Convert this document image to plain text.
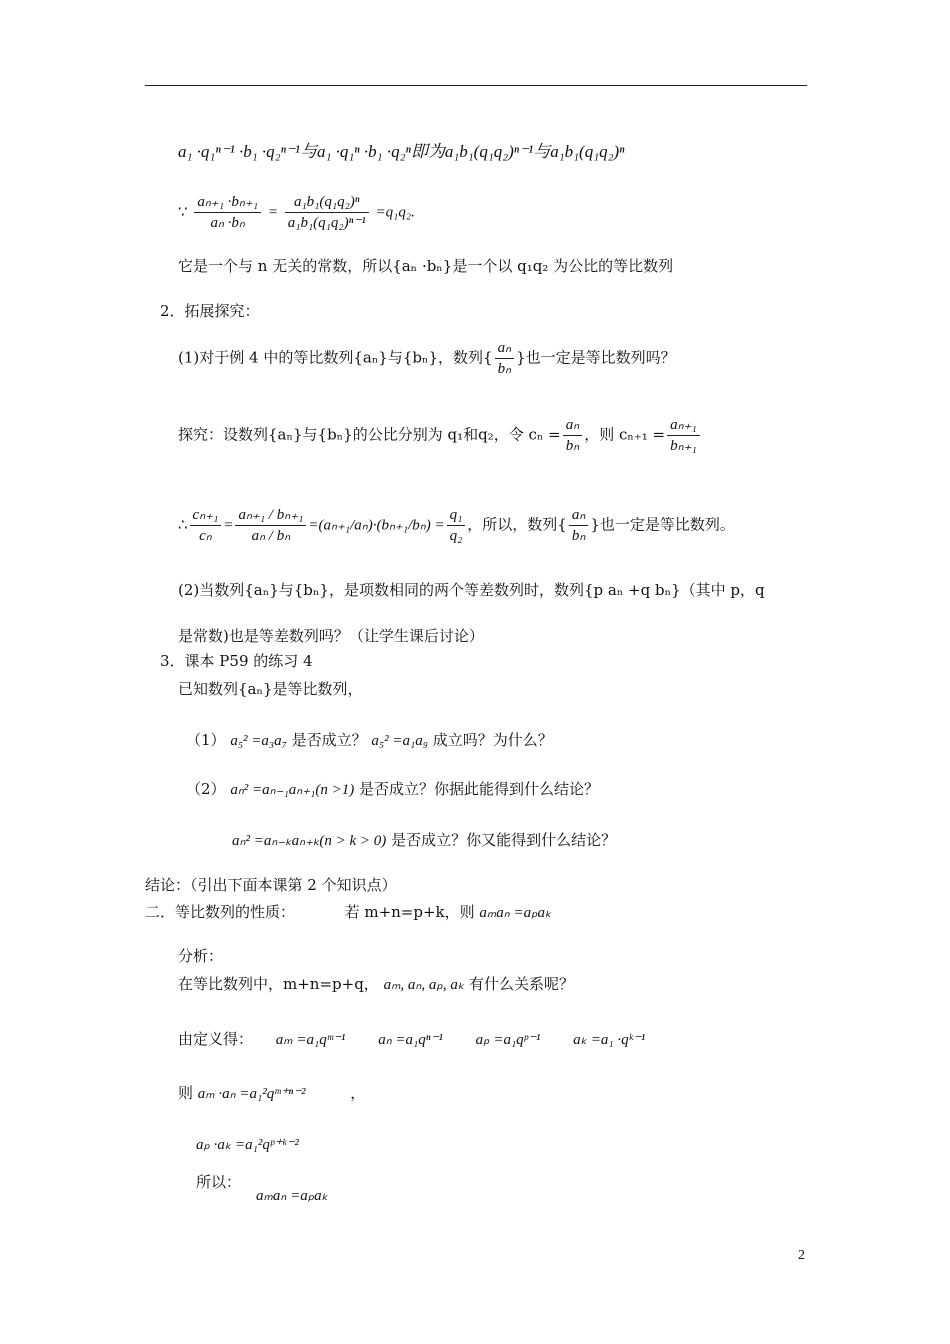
a₁ ·q₁ⁿ⁻¹ ·b₁ ·q₂ⁿ⁻¹与a₁ ·q₁ⁿ ·b₁ ·q₂ⁿ即为a₁b₁(q₁q₂)ⁿ⁻¹与a₁b₁(q₁q₂)ⁿ
∵ $\frac{\text{aₙ₊₁ ·bₙ₊₁}}{\text{aₙ ·bₙ}} = \frac{\text{a₁b₁(q₁q₂)ⁿ}}{\text{a₁b₁(q₁q₂)ⁿ⁻¹}} =q_1q_2$.
它是一个与 n 无关的常数，所以{aₙ ·bₙ}是一个以 q₁q₂ 为公比的等比数列
2．拓展探究：
(1)对于例 4 中的等比数列{aₙ}与{bₙ}，数列{ $\frac{\text{aₙ}}{\text{bₙ}}$ }也一定是等比数列吗？
探究：设数列{aₙ}与{bₙ}的公比分别为 q₁和q₂，令 $c_n = \frac{\text{aₙ}}{\text{bₙ}}$ ，则 $c_{n+1} = \frac{\text{aₙ₊₁}}{\text{bₙ₊₁}}$
∴ $\frac{\text{cₙ₊₁}}{\text{cₙ}} = \frac{\text{aₙ₊₁ / bₙ₊₁}}{\text{aₙ / bₙ}} =(a_{n+1}/a_n)\cdot(b_{n+1}/b_n) = \frac{\text{q₁}}{\text{q₂}}$ ，所以，数列{ $\frac{\text{aₙ}}{\text{bₙ}}$ }也一定是等比数列。
(2)当数列{aₙ}与{bₙ}，是项数相同的两个等差数列时，数列{p aₙ +q bₙ}（其中 p，q
是常数)也是等差数列吗？（让学生课后讨论）
3．课本 P59 的练习 4
已知数列{aₙ}是等比数列，
（1） a₅² =a₃a₇ 是否成立？ a₅² =a₁a₉ 成立吗？为什么？
（2） aₙ² =aₙ₋₁aₙ₊₁(n >1) 是否成立？你据此能得到什么结论？
aₙ² =aₙ₋ₖaₙ₊ₖ(n > k > 0) 是否成立？你又能得到什么结论？
结论：（引出下面本课第 2 个知识点）
二．等比数列的性质：	若 m+n=p+k，则 aₘaₙ =aₚaₖ
分析：
在等比数列中，m+n=p+q， aₘ, aₙ, aₚ, aₖ 有什么关系呢？
由定义得： aₘ =a₁qᵐ⁻¹ aₙ =a₁qⁿ⁻¹ aₚ =a₁qᵖ⁻¹ aₖ =a₁ ·qᵏ⁻¹
则 aₘ ·aₙ =a₁²qᵐ⁺ⁿ⁻²	，
aₚ ·aₖ =a₁²qᵖ⁺ᵏ⁻²
所以：
aₘaₙ =aₚaₖ
2
